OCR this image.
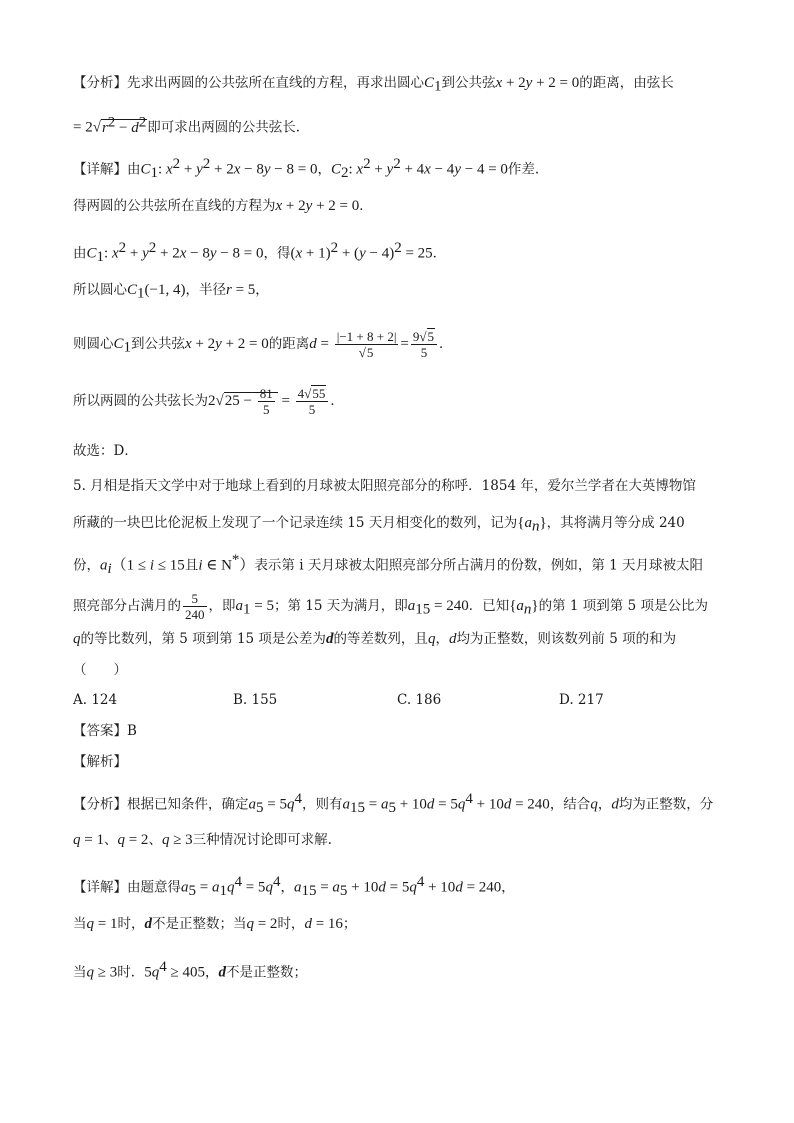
【分析】先求出两圆的公共弦所在直线的方程，再求出圆心$C_1$到公共弦x + 2y + 2 = 0的距离，由弦长
= $2√r^2 - d^2$即可求出两圆的公共弦长.
【详解】由$C_1$: $x^2 + y^2 + 2x - 8y - 8 = 0$，$C_2$: $x^2 + y^2 + 4x - 4y - 4 = 0$作差.
得两圆的公共弦所在直线的方程为x + 2y + 2 = 0．
由$C_1$: $x^2 + y^2 + 2x - 8y - 8 = 0$，得$(x + 1)^2 + (y - 4)^2 = 25$．
所以圆心$C_1(-1$, 4)，半径r = 5，
则圆心$C_1$到公共弦x + 2y + 2 = 0的距离$d = \frac{|-1 + 8 + 2|}{√5} = \frac{9√5}{5}$ ．
所以两圆的公共弦长为$2√25 - \frac{81}{5} = \frac{4√55}{5}$ ．
故选：D．
5. 月相是指天文学中对于地球上看到的月球被太阳照亮部分的称呼．1854 年，爱尔兰学者在大英博物馆
所藏的一块巴比伦泥板上发现了一个记录连续 15 天月相变化的数列，记为$\{a_n\}$，其将满月等分成 240
份，$a_i(1 \le i \le 15$且i ∈ N*）表示第 i 天月球被太阳照亮部分所占满月的份数，例如，第 1 天月球被太阳
照亮部分占满月的 $\frac{5}{240}$ ，即$a_1 = 5$；第 15 天为满月，即$a_{15} = 240$．已知$\{a_n\}$的第 1 项到第 5 项是公比为
q的等比数列，第 5 项到第 15 项是公差为d的等差数列，且q，d均为正整数，则该数列前 5 项的和为
（　　）
A. 124	B. 155	C. 186	D. 217
【答案】B
【解析】
【分析】根据已知条件，确定$a_5 = 5q^4$，则有$a_{15} = a_5 + 10d = 5q^4 + 10d = 240$，结合q，d均为正整数，分
q = 1、q = 2、q ≥ 3三种情况讨论即可求解.
【详解】由题意得$a_5 = a_1q^4 = 5q^4$，$a_{15} = a_5 + 10d = 5q^4 + 10d = 240$，
当q = 1时，d不是正整数；当q = 2时，d = 16；
当q ≥ 3时．$5q^4 \ge 405$，d不是正整数；
